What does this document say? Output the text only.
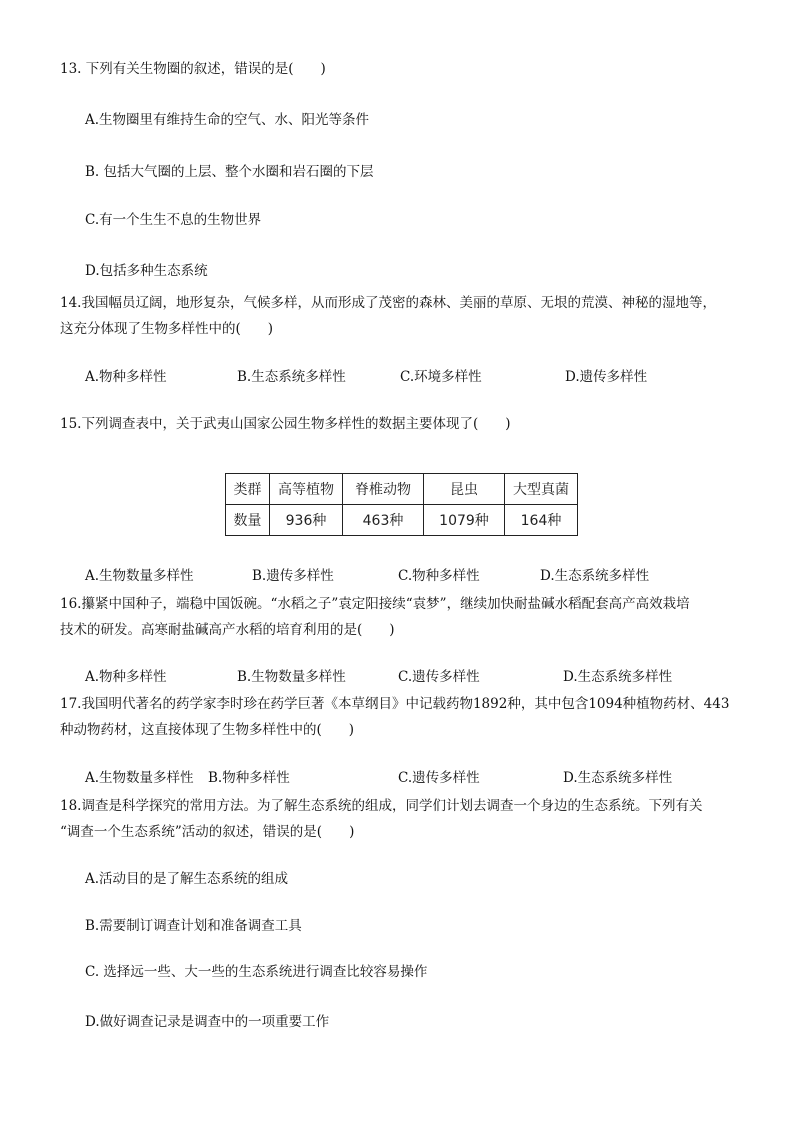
13. 下列有关生物圈的叙述，错误的是(　　)
A.生物圈里有维持生命的空气、水、阳光等条件
B. 包括大气圈的上层、整个水圈和岩石圈的下层
C.有一个生生不息的生物世界
D.包括多种生态系统
14.我国幅员辽阔，地形复杂，气候多样，从而形成了茂密的森林、美丽的草原、无垠的荒漠、神秘的湿地等，
这充分体现了生物多样性中的(　　)
A.物种多样性	B.生态系统多样性	C.环境多样性	D.遗传多样性
15.下列调查表中，关于武夷山国家公园生物多样性的数据主要体现了(　　)
类群	高等植物	脊椎动物	昆虫	大型真菌
数量	936种	463种	1079种	164种
A.生物数量多样性	B.遗传多样性	C.物种多样性	D.生态系统多样性
16.攥紧中国种子，端稳中国饭碗。“水稻之子”袁定阳接续“袁梦”，继续加快耐盐碱水稻配套高产高效栽培
技术的研发。高寒耐盐碱高产水稻的培育利用的是(　　)
A.物种多样性	B.生物数量多样性	C.遗传多样性	D.生态系统多样性
17.我国明代著名的药学家李时珍在药学巨著《本草纲目》中记载药物1892种，其中包含1094种植物药材、443
种动物药材，这直接体现了生物多样性中的(　　)
A.生物数量多样性 B.物种多样性	C.遗传多样性	D.生态系统多样性
18.调查是科学探究的常用方法。为了解生态系统的组成，同学们计划去调查一个身边的生态系统。下列有关
“调查一个生态系统”活动的叙述，错误的是(　　)
A.活动目的是了解生态系统的组成
B.需要制订调查计划和准备调查工具
C. 选择远一些、大一些的生态系统进行调查比较容易操作
D.做好调查记录是调查中的一项重要工作
